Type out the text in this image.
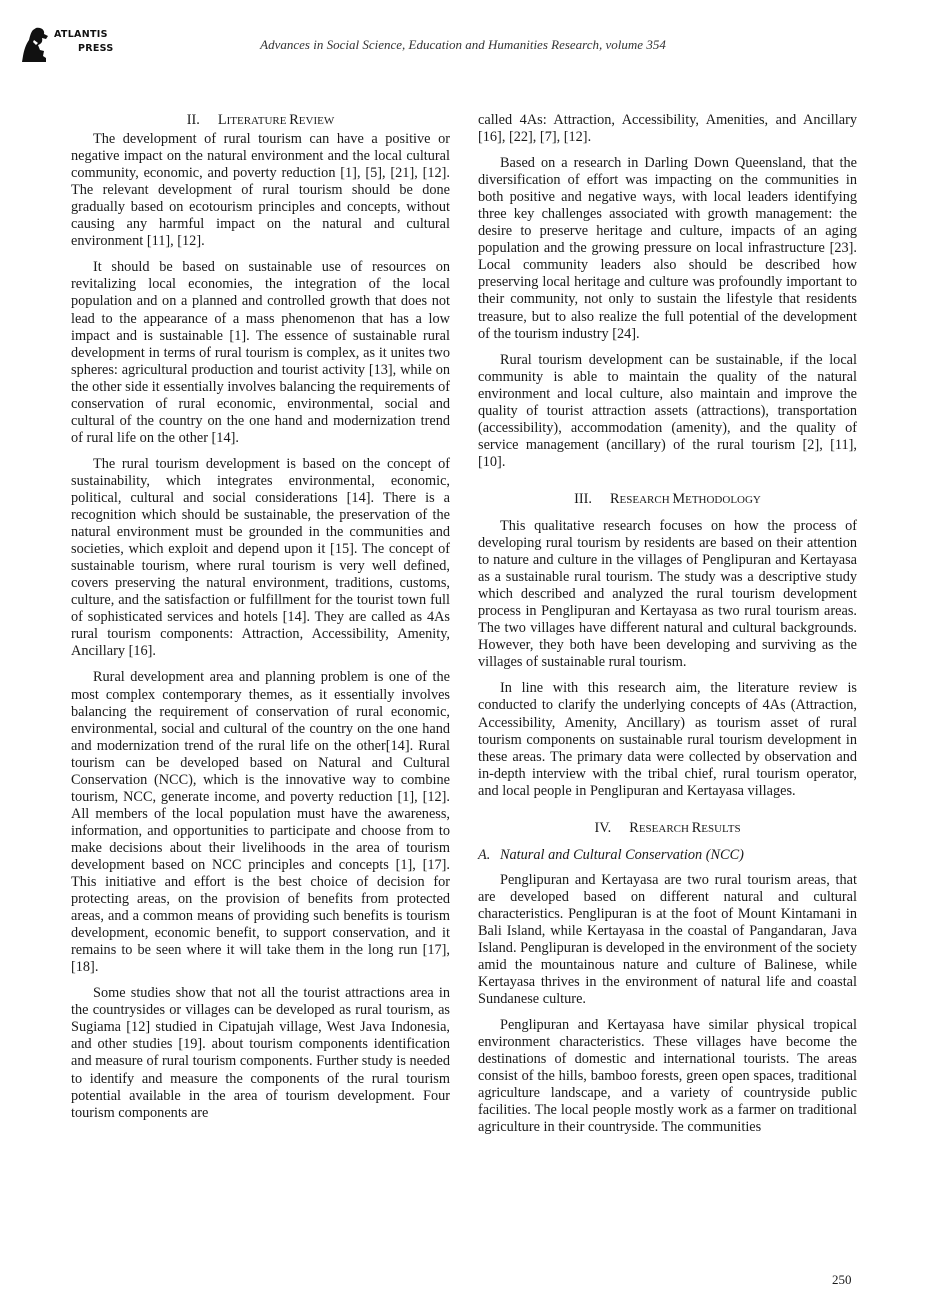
ATLANTIS
PRESS	Advances in Social Science, Education and Humanities Research, volume 354
II. LITERATURE REVIEW

The development of rural tourism can have a positive or negative impact on the natural environment and the local cultural community, economic, and poverty reduction [1], [5], [21], [12]. The relevant development of rural tourism should be done gradually based on ecotourism principles and concepts, without causing any harmful impact on the natural and cultural environment [11], [12].

It should be based on sustainable use of resources on revitalizing local economies, the integration of the local population and on a planned and controlled growth that does not lead to the appearance of a mass phenomenon that has a low impact and is sustainable [1]. The essence of sustainable rural development in terms of rural tourism is complex, as it unites two spheres: agricultural production and tourist activity [13], while on the other side it essentially involves balancing the requirements of conservation of rural economic, environmental, social and cultural of the country on the one hand and modernization trend of rural life on the other [14].

The rural tourism development is based on the concept of sustainability, which integrates environmental, economic, political, cultural and social considerations [14]. There is a recognition which should be sustainable, the preservation of the natural environment must be grounded in the communities and societies, which exploit and depend upon it [15]. The concept of sustainable tourism, where rural tourism is very well defined, covers preserving the natural environment, traditions, customs, culture, and the satisfaction or fulfillment for the tourist town full of sophisticated services and hotels [14]. They are called as 4As rural tourism components: Attraction, Accessibility, Amenity, Ancillary [16].

Rural development area and planning problem is one of the most complex contemporary themes, as it essentially involves balancing the requirement of conservation of rural economic, environmental, social and cultural of the country on the one hand and modernization trend of the rural life on the other[14]. Rural tourism can be developed based on Natural and Cultural Conservation (NCC), which is the innovative way to combine tourism, NCC, generate income, and poverty reduction [1], [12]. All members of the local population must have the awareness, information, and opportunities to participate and choose from to make decisions about their livelihoods in the area of tourism development based on NCC principles and concepts [1], [17]. This initiative and effort is the best choice of decision for protecting areas, on the provision of benefits from protected areas, and a common means of providing such benefits is tourism development, economic benefit, to support conservation, and it remains to be seen where it will take them in the long run [17], [18].

Some studies show that not all the tourist attractions area in the countrysides or villages can be developed as rural tourism, as Sugiama [12] studied in Cipatujah village, West Java Indonesia, and other studies [19]. about tourism components identification and measure of rural tourism components. Further study is needed to identify and measure the components of the rural tourism potential available in the area of tourism development. Four tourism components are

called 4As: Attraction, Accessibility, Amenities, and Ancillary [16], [22], [7], [12].

Based on a research in Darling Down Queensland, that the diversification of effort was impacting on the communities in both positive and negative ways, with local leaders identifying three key challenges associated with growth management: the desire to preserve heritage and culture, impacts of an aging population and the growing pressure on local infrastructure [23]. Local community leaders also should be described how preserving local heritage and culture was profoundly important to their community, not only to sustain the lifestyle that residents treasure, but to also realize the full potential of the development of the tourism industry [24].

Rural tourism development can be sustainable, if the local community is able to maintain the quality of the natural environment and local culture, also maintain and improve the quality of tourist attraction assets (attractions), transportation (accessibility), accommodation (amenity), and the quality of service management (ancillary) of the rural tourism [2], [11], [10].

III. RESEARCH METHODOLOGY

This qualitative research focuses on how the process of developing rural tourism by residents are based on their attention to nature and culture in the villages of Penglipuran and Kertayasa as a sustainable rural tourism. The study was a descriptive study which described and analyzed the rural tourism development process in Penglipuran and Kertayasa as two rural tourism areas. The two villages have different natural and cultural backgrounds. However, they both have been developing and surviving as the villages of sustainable rural tourism.

In line with this research aim, the literature review is conducted to clarify the underlying concepts of 4As (Attraction, Accessibility, Amenity, Ancillary) as tourism asset of rural tourism components on sustainable rural tourism development in these areas. The primary data were collected by observation and in-depth interview with the tribal chief, rural tourism operator, and local people in Penglipuran and Kertayasa villages.

IV. RESEARCH RESULTS
A. Natural and Cultural Conservation (NCC)

Penglipuran and Kertayasa are two rural tourism areas, that are developed based on different natural and cultural characteristics. Penglipuran is at the foot of Mount Kintamani in Bali Island, while Kertayasa in the coastal of Pangandaran, Java Island. Penglipuran is developed in the environment of the society amid the mountainous nature and culture of Balinese, while Kertayasa thrives in the environment of natural life and coastal Sundanese culture.

Penglipuran and Kertayasa have similar physical tropical environment characteristics. These villages have become the destinations of domestic and international tourists. The areas consist of the hills, bamboo forests, green open spaces, traditional agriculture landscape, and a variety of countryside public facilities. The local people mostly work as a farmer on traditional agriculture in their countryside. The communities

250
